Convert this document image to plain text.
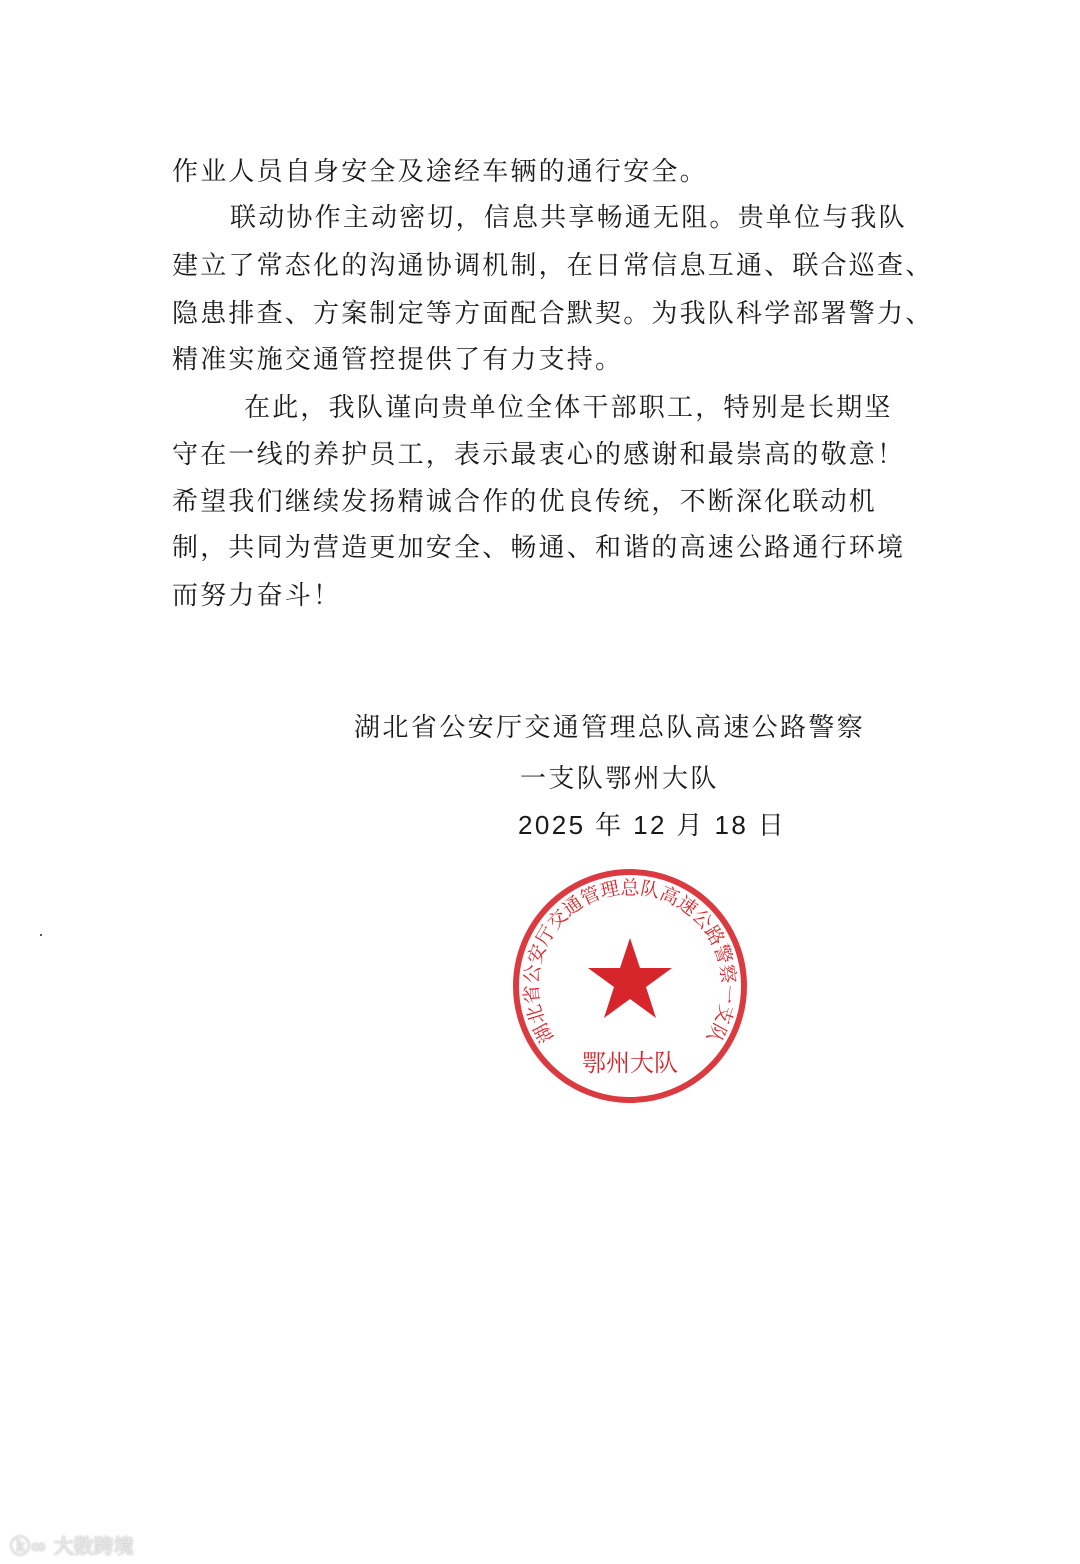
作业人员自身安全及途经车辆的通行安全。
联动协作主动密切，信息共享畅通无阻。贵单位与我队
建立了常态化的沟通协调机制，在日常信息互通、联合巡查、
隐患排查、方案制定等方面配合默契。为我队科学部署警力、
精准实施交通管控提供了有力支持。
在此，我队谨向贵单位全体干部职工，特别是长期坚
守在一线的养护员工，表示最衷心的感谢和最崇高的敬意！
希望我们继续发扬精诚合作的优良传统，不断深化联动机
制，共同为营造更加安全、畅通、和谐的高速公路通行环境
而努力奋斗！
湖北省公安厅交通管理总队高速公路警察
一支队鄂州大队
2025 年 12 月 18 日
湖北省公安厅交通管理总队高速公路警察一支队
鄂州大队
ⓚ∞ 大数跨境
